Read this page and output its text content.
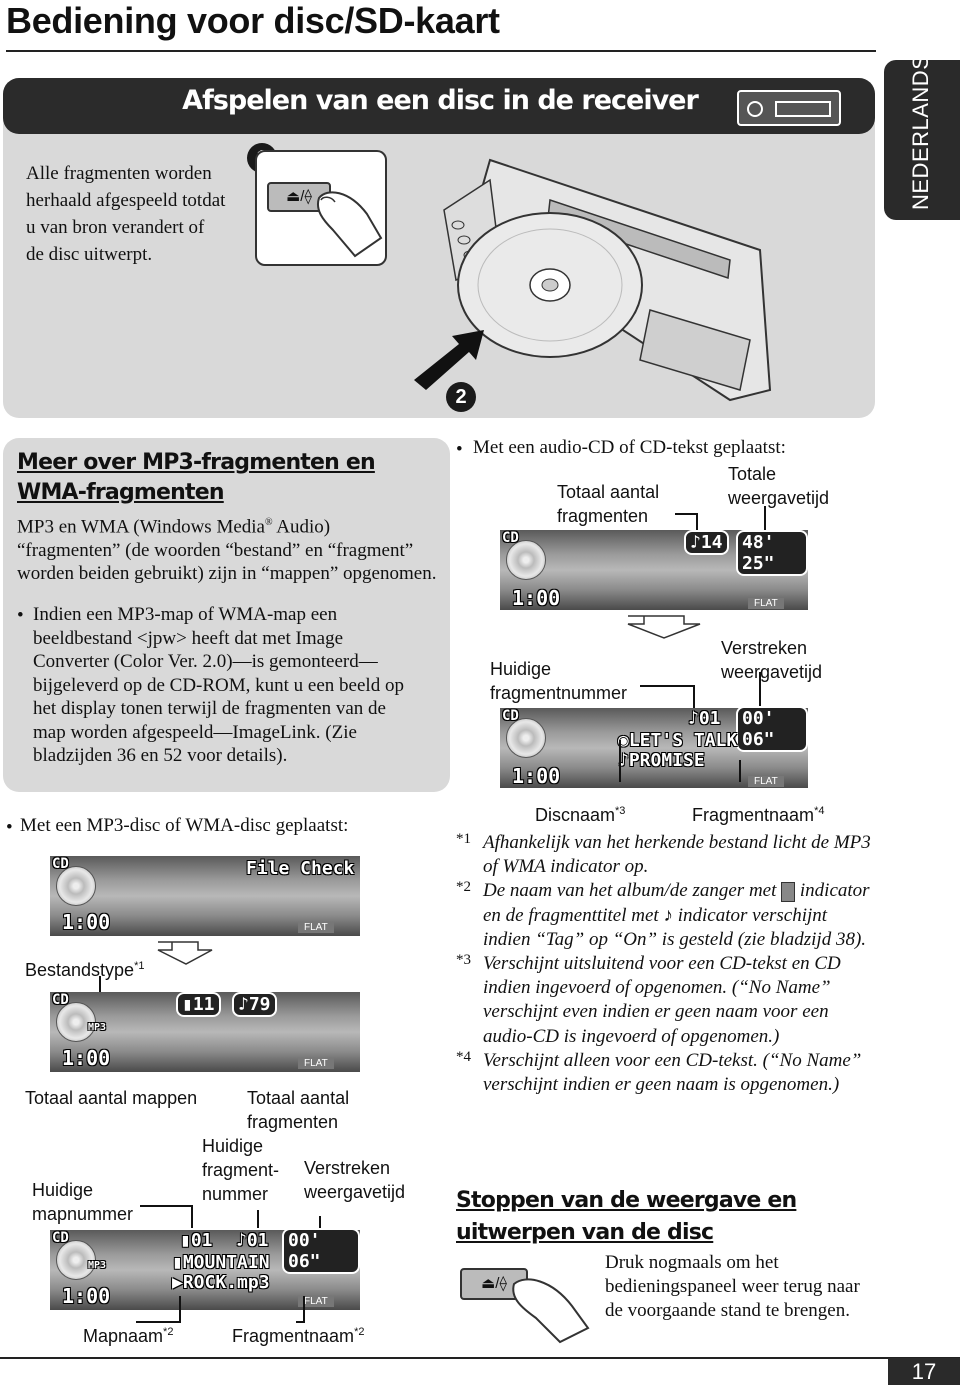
Bediening voor disc/SD-kaart
NEDERLANDS
Afspelen van een disc in de receiver
Alle fragmenten worden herhaald afgespeeld totdat u van bron verandert of de disc uitwerpt.
⏏/⟠
2
Meer over MP3-fragmenten en WMA-fragmenten
MP3 en WMA (Windows Media® Audio) “fragmenten” (de woorden “bestand” en “fragment” worden beiden gebruikt) zijn in “mappen” opgenomen.
• Indien een MP3-map of WMA-map een beeldbestand <jpw> heeft dat met Image Converter (Color Ver. 2.0)—is gemonteerd—bijgeleverd op de CD-ROM, kunt u een beeld op het display tonen terwijl de fragmenten van de map worden afgespeeld—ImageLink. (Zie bladzijden 36 en 52 voor details).
• Met een MP3-disc of WMA-disc geplaatst:
CD	File Check
1:00	FLAT
Bestandstype$^{*1}$
CD
MP3
▮11	♪79
1:00	FLAT
Totaal aantal mappen	Totaal aantal fragmenten
Huidige fragment-nummer
Verstreken weergavetijd
Huidige mapnummer
CD
MP3
▮01 ♪01	00' 06"
▮MOUNTAIN
▶ROCK.mp3
1:00	FLAT
Mapnaam$^{*2}$	Fragmentnaam$^{*2}$
• Met een audio-CD of CD-tekst geplaatst:
Totale weergavetijd
Totaal aantal fragmenten
CD	♪14	48' 25"
1:00	FLAT
Verstreken weergavetijd
Huidige fragmentnummer
CD	♪01	00' 06"
◉LET'S TALK
♪PROMISE
1:00	FLAT
Discnaam$^{*3}$	Fragmentnaam$^{*4}$
*1 Afhankelijk van het herkende bestand licht de MP3 of WMA indicator op.
*2 De naam van het album/de zanger met indicator en de fragmenttitel met ♪ indicator verschijnt indien “Tag” op “On” is gesteld (zie bladzijd 38).
*3 Verschijnt uitsluitend voor een CD-tekst en CD indien ingevoerd of opgenomen. (“No Name” verschijnt even indien er geen naam voor een audio-CD is ingevoerd of opgenomen.)
*4 Verschijnt alleen voor een CD-tekst. (“No Name” verschijnt indien er geen naam is opgenomen.)
Stoppen van de weergave en uitwerpen van de disc
⏏/⟠
Druk nogmaals om het bedieningspaneel weer terug naar de voorgaande stand te brengen.
17
